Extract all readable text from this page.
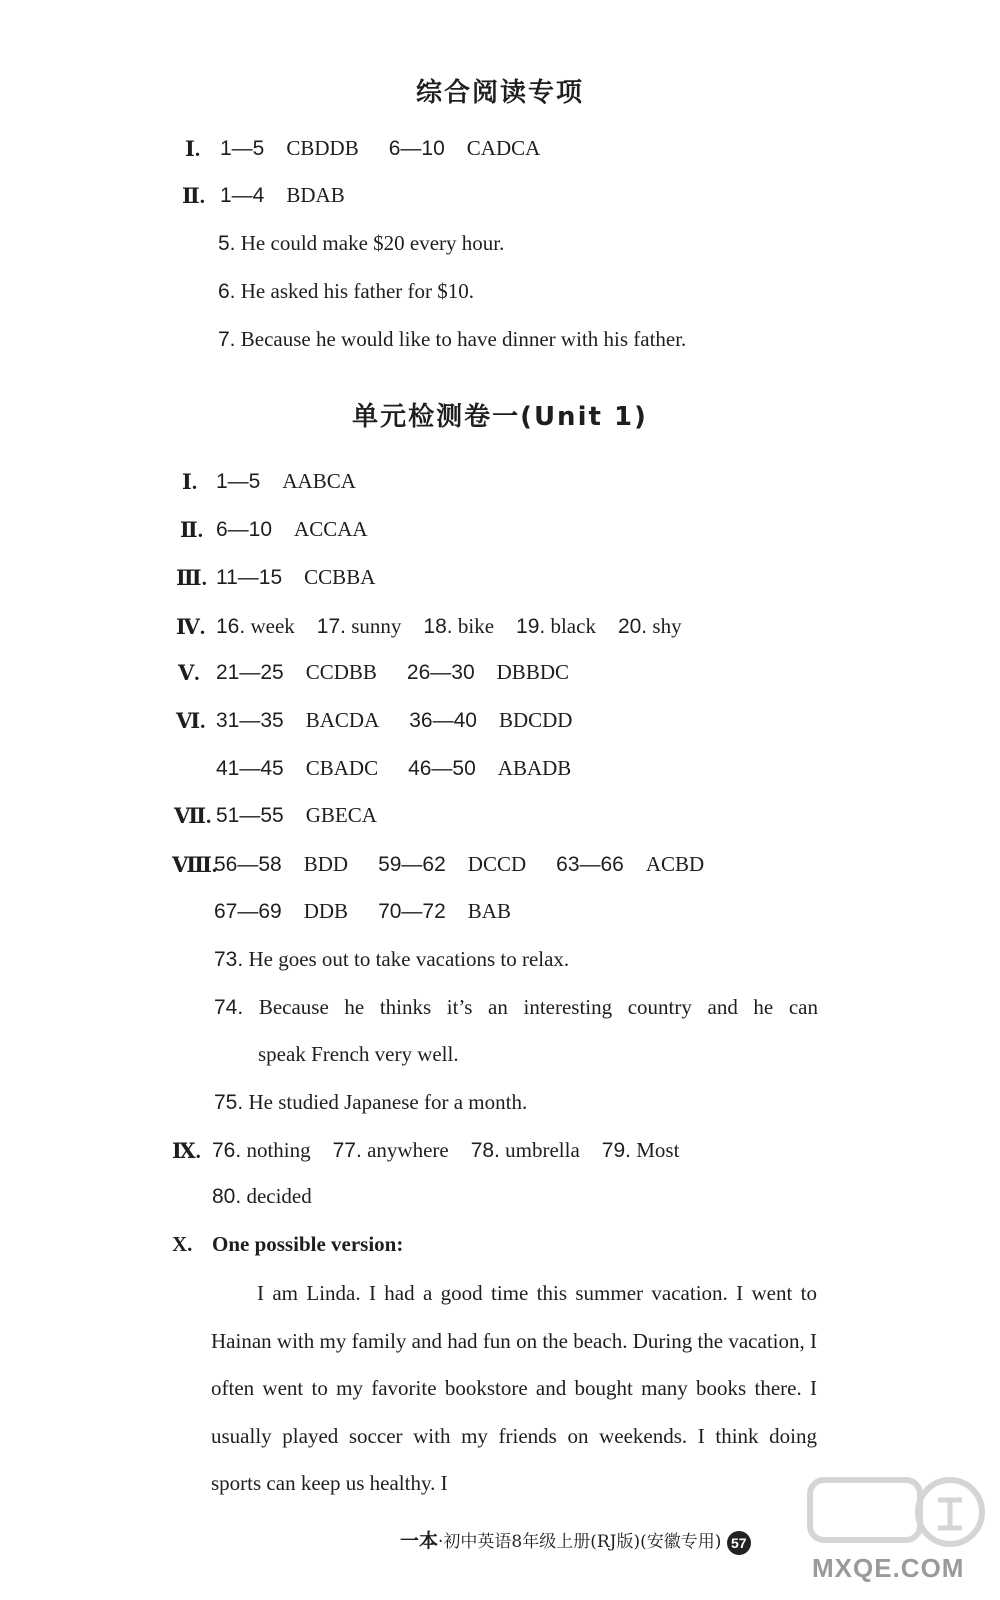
综合阅读专项
Ⅰ. 1—5 CBDDB 6—10 CADCA
Ⅱ. 1—4 BDAB
5. He could make $20 every hour.
6. He asked his father for $10.
7. Because he would like to have dinner with his father.
单元检测卷一(Unit 1)
Ⅰ. 1—5 AABCA
Ⅱ. 6—10 ACCAA
Ⅲ. 11—15 CCBBA
Ⅳ. 16. week 17. sunny 18. bike 19. black 20. shy
Ⅴ. 21—25 CCDBB 26—30 DBBDC
Ⅵ. 31—35 BACDA 36—40 BDCDD
41—45 CBADC 46—50 ABADB
Ⅶ. 51—55 GBECA
Ⅷ.
56—58 BDD 59—62 DCCD 63—66 ACBD
67—69 DDB 70—72 BAB
73. He goes out to take vacations to relax.
74. Because he thinks it’s an interesting country and he can
speak French very well.
75. He studied Japanese for a month.
Ⅸ. 76. nothing 77. anywhere 78. umbrella 79. Most
80. decided
X. One possible version:

I am Linda. I had a good time this summer vacation. I went to Hainan with my family and had fun on the beach. During the vacation, I often went to my favorite bookstore and bought many books there. I usually played soccer with my friends on weekends. I think doing sports can keep us healthy. I

一本·初中英语8年级上册(RJ版)(安徽专用) 57
MXQE.COM
